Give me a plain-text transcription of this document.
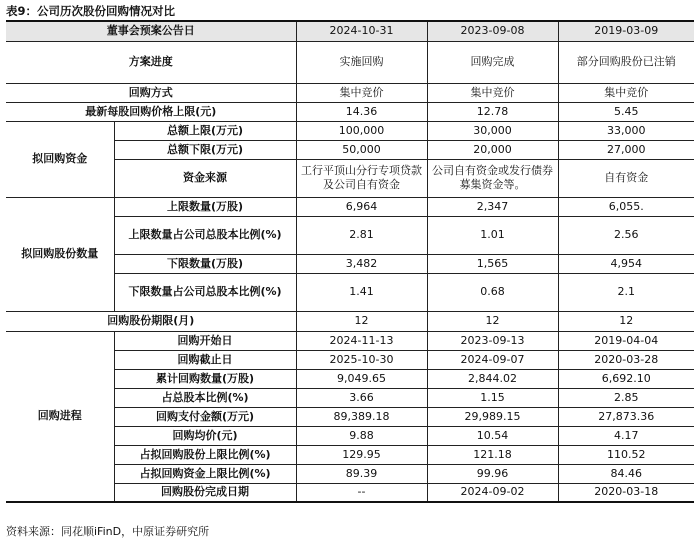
表9：公司历次股份回购情况对比
董事会预案公告日		2024-10-31	2023-09-08	2019-03-09
方案进度		实施回购	回购完成	部分回购股份已注销
回购方式		集中竞价	集中竞价	集中竞价
最新每股回购价格上限(元)		14.36	12.78	5.45
拟回购资金	总额上限(万元)	100,000	30,000	33,000
	总额下限(万元)	50,000	20,000	27,000
	资金来源	工行平顶山分行专项贷款及公司自有资金	公司自有资金或发行债券募集资金等。	自有资金
拟回购股份数量	上限数量(万股)	6,964	2,347	6,055.
	上限数量占公司总股本比例(%)	2.81	1.01	2.56
	下限数量(万股)	3,482	1,565	4,954
	下限数量占公司总股本比例(%)	1.41	0.68	2.1
回购股份期限(月)		12	12	12
回购进程	回购开始日	2024-11-13	2023-09-13	2019-04-04
	回购截止日	2025-10-30	2024-09-07	2020-03-28
	累计回购数量(万股)	9,049.65	2,844.02	6,692.10
	占总股本比例(%)	3.66	1.15	2.85
	回购支付金额(万元)	89,389.18	29,989.15	27,873.36
	回购均价(元)	9.88	10.54	4.17
	占拟回购股份上限比例(%)	129.95	121.18	110.52
	占拟回购资金上限比例(%)	89.39	99.96	84.46
	回购股份完成日期	--	2024-09-02	2020-03-18
资料来源：同花顺iFinD，中原证券研究所
